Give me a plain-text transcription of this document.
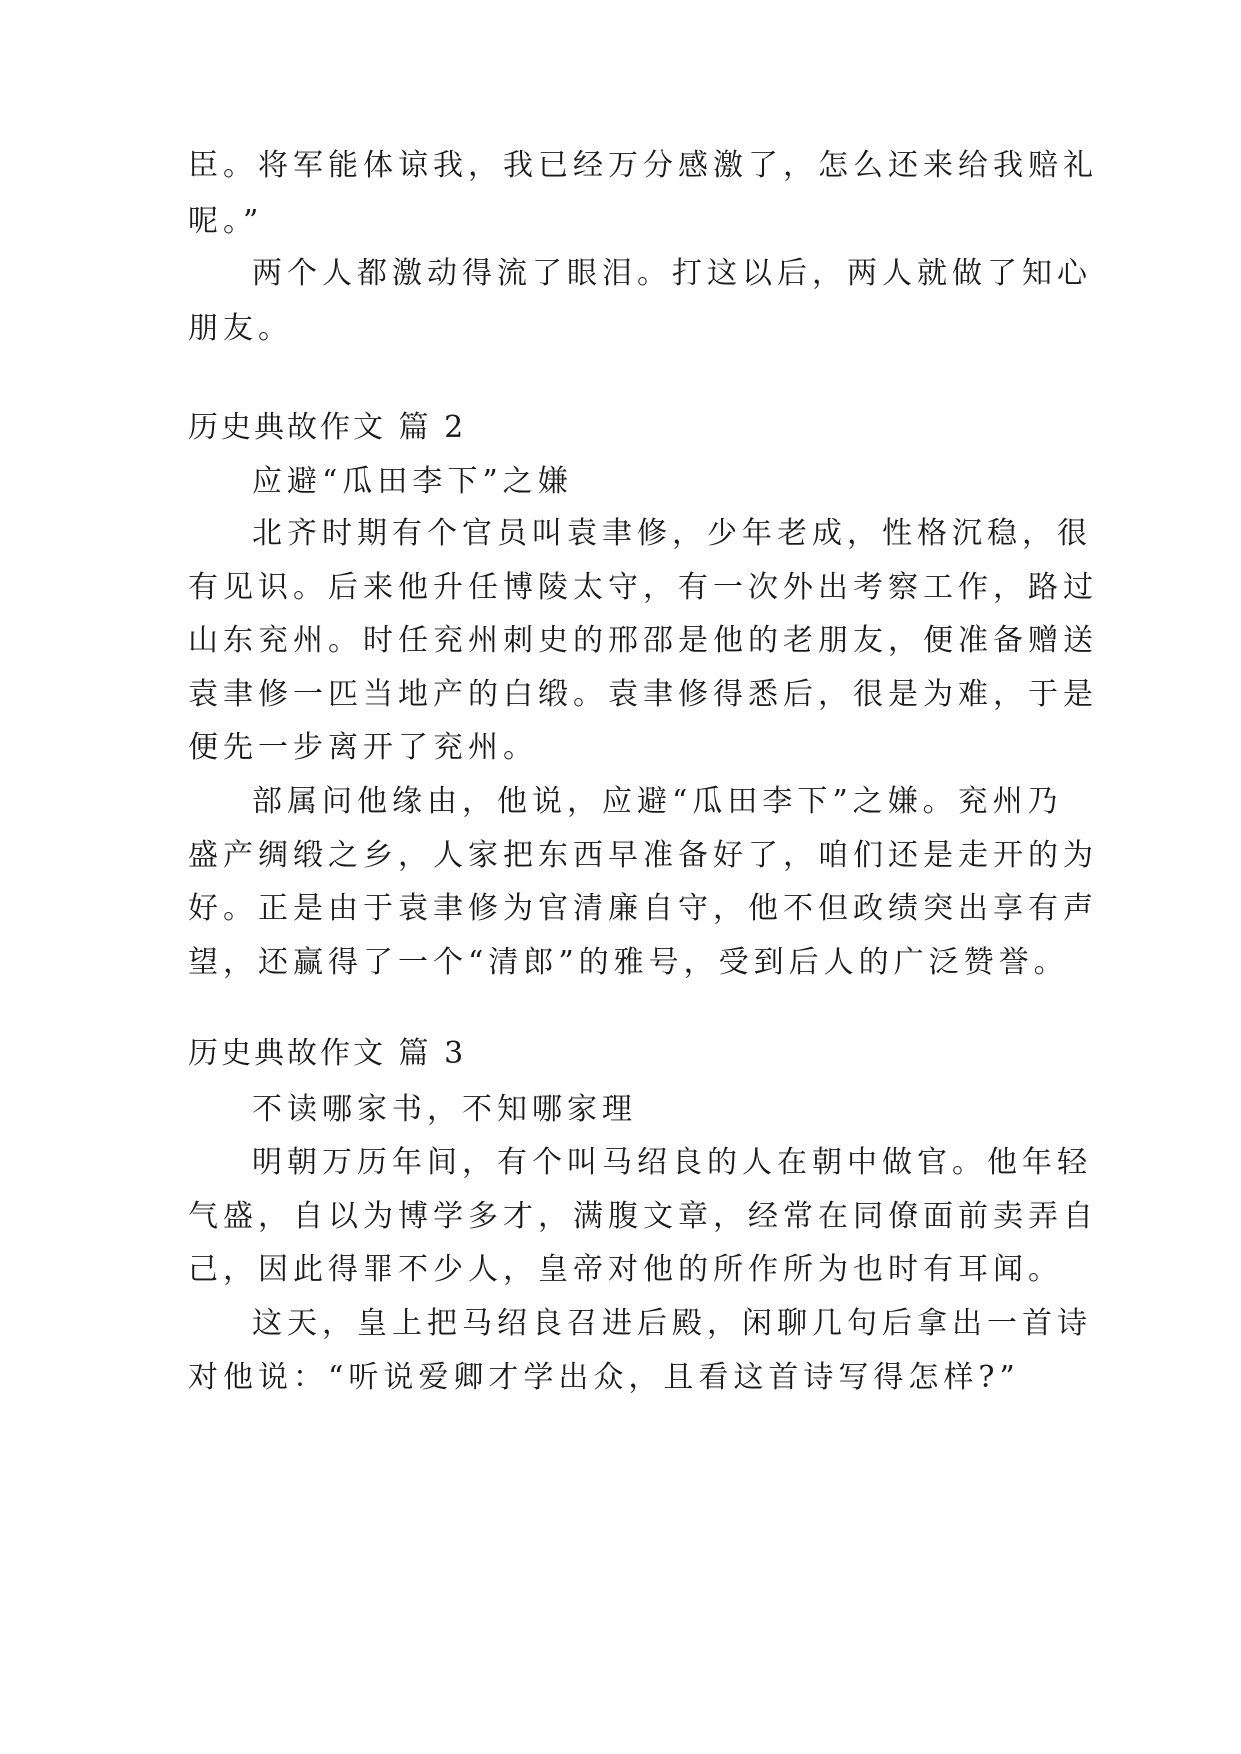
臣。将军能体谅我，我已经万分感激了，怎么还来给我赔礼
呢。”
两个人都激动得流了眼泪。打这以后，两人就做了知心
朋友。
历史典故作文 篇 2
应避“瓜田李下”之嫌
北齐时期有个官员叫袁聿修，少年老成，性格沉稳，很
有见识。后来他升任博陵太守，有一次外出考察工作，路过
山东兖州。时任兖州刺史的邢邵是他的老朋友，便准备赠送
袁聿修一匹当地产的白缎。袁聿修得悉后，很是为难，于是
便先一步离开了兖州。
部属问他缘由，他说，应避“瓜田李下”之嫌。兖州乃
盛产绸缎之乡，人家把东西早准备好了，咱们还是走开的为
好。正是由于袁聿修为官清廉自守，他不但政绩突出享有声
望，还赢得了一个“清郎”的雅号，受到后人的广泛赞誉。
历史典故作文 篇 3
不读哪家书，不知哪家理
明朝万历年间，有个叫马绍良的人在朝中做官。他年轻
气盛，自以为博学多才，满腹文章，经常在同僚面前卖弄自
己，因此得罪不少人，皇帝对他的所作所为也时有耳闻。
这天，皇上把马绍良召进后殿，闲聊几句后拿出一首诗
对他说：“听说爱卿才学出众，且看这首诗写得怎样?”
